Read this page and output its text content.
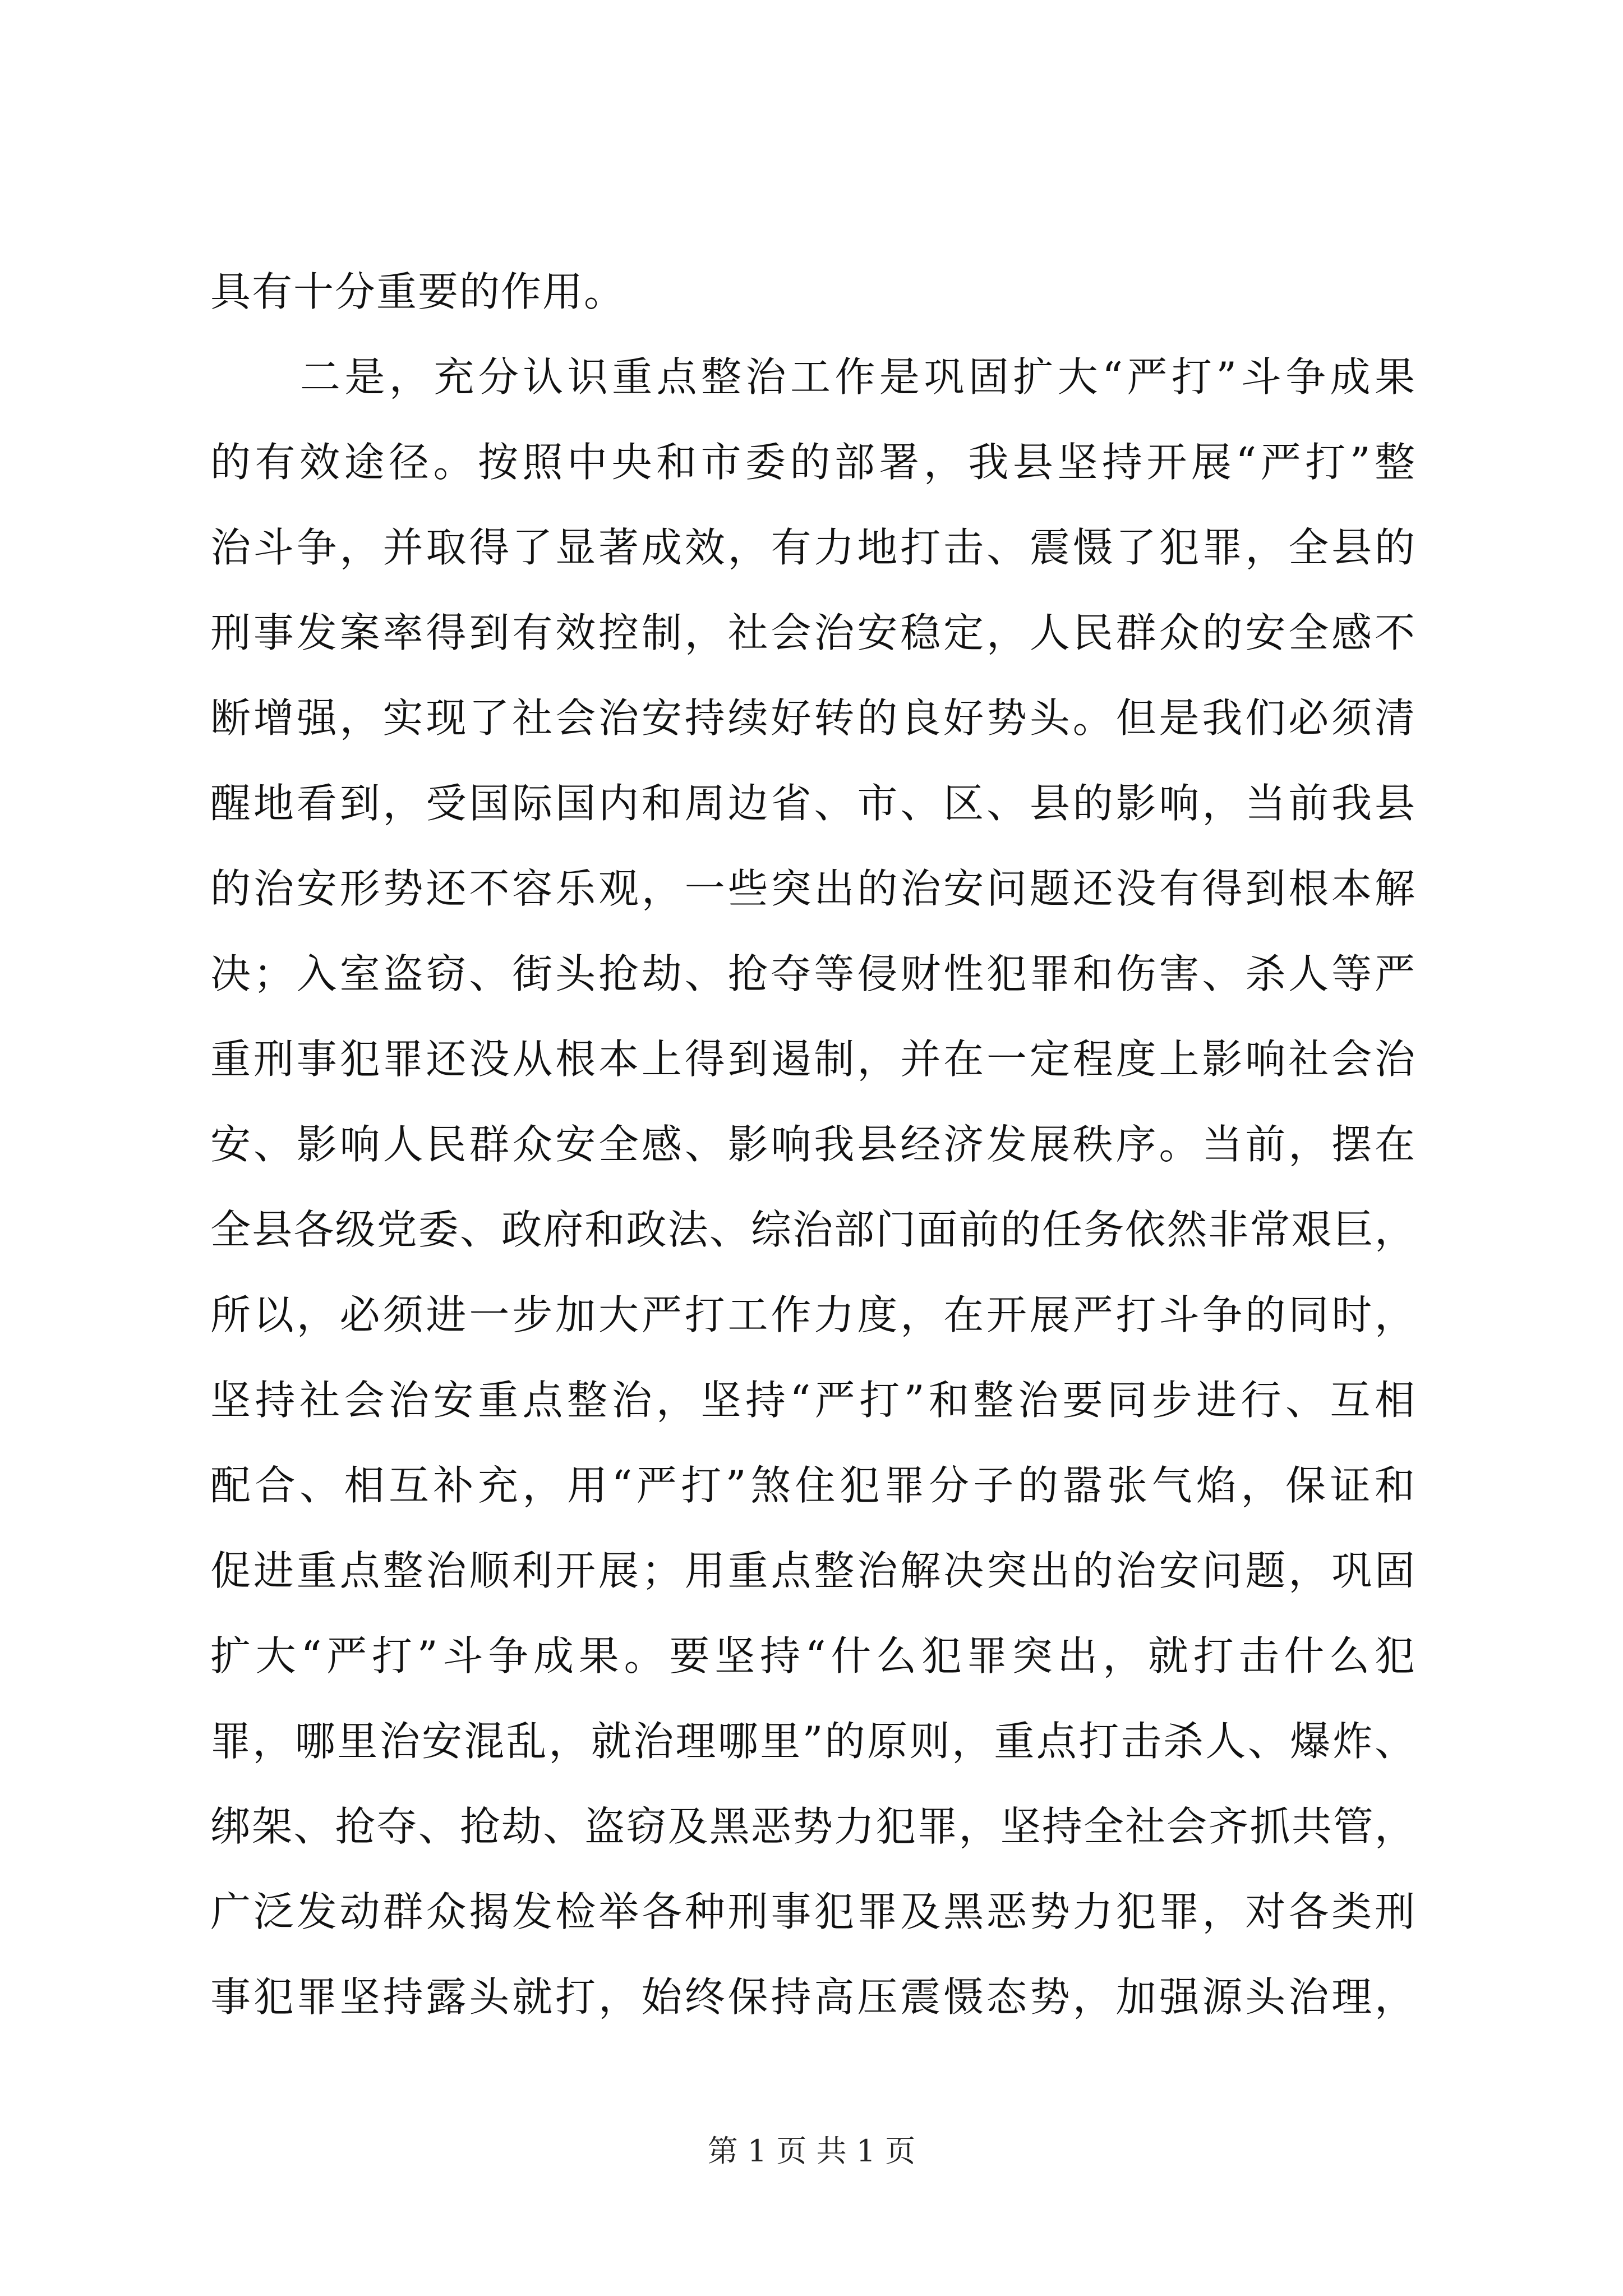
具有十分重要的作用。
二是，充分认识重点整治工作是巩固扩大“严打”斗争成果
的有效途径。按照中央和市委的部署，我县坚持开展“严打”整
治斗争，并取得了显著成效，有力地打击、震慑了犯罪，全县的
刑事发案率得到有效控制，社会治安稳定，人民群众的安全感不
断增强，实现了社会治安持续好转的良好势头。但是我们必须清
醒地看到，受国际国内和周边省、市、区、县的影响，当前我县
的治安形势还不容乐观，一些突出的治安问题还没有得到根本解
决；入室盗窃、街头抢劫、抢夺等侵财性犯罪和伤害、杀人等严
重刑事犯罪还没从根本上得到遏制，并在一定程度上影响社会治
安、影响人民群众安全感、影响我县经济发展秩序。当前，摆在
全县各级党委、政府和政法、综治部门面前的任务依然非常艰巨，
所以，必须进一步加大严打工作力度，在开展严打斗争的同时，
坚持社会治安重点整治，坚持“严打”和整治要同步进行、互相
配合、相互补充，用“严打”煞住犯罪分子的嚣张气焰，保证和
促进重点整治顺利开展；用重点整治解决突出的治安问题，巩固
扩大“严打”斗争成果。要坚持“什么犯罪突出，就打击什么犯
罪，哪里治安混乱，就治理哪里”的原则，重点打击杀人、爆炸、
绑架、抢夺、抢劫、盗窃及黑恶势力犯罪，坚持全社会齐抓共管，
广泛发动群众揭发检举各种刑事犯罪及黑恶势力犯罪，对各类刑
事犯罪坚持露头就打，始终保持高压震慑态势，加强源头治理，
第 1 页 共 1 页
